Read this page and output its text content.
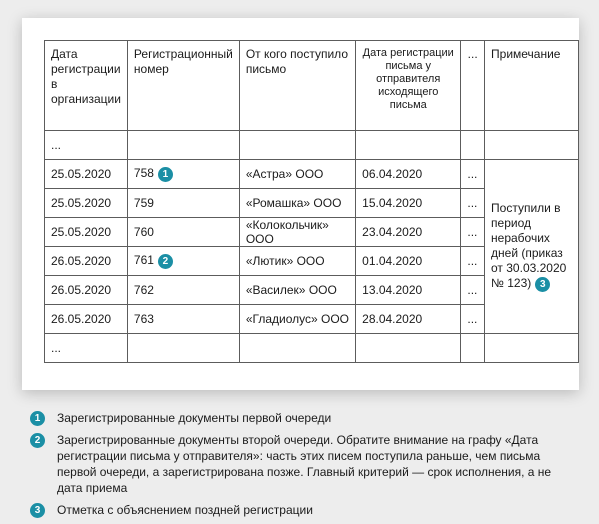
Дата регистрации в организации	Регистрационный номер	От кого поступило письмо	Дата регистрации письма у отправителя исходящего письма	...	Примечание
...					
25.05.2020	758 1	«Астра» ООО	06.04.2020	...	Поступили в период нерабочих дней (приказ от 30.03.2020 № 123) 3
25.05.2020	759	«Ромашка» ООО	15.04.2020	...	
25.05.2020	760	«Колокольчик» ООО	23.04.2020	...	
26.05.2020	761 2	«Лютик» ООО	01.04.2020	...	
26.05.2020	762	«Василек» ООО	13.04.2020	...	
26.05.2020	763	«Гладиолус» ООО	28.04.2020	...	
...					
1	Зарегистрированные документы первой очереди
2	Зарегистрированные документы второй очереди. Обратите внимание на графу «Дата регистрации письма у отправителя»: часть этих писем поступила раньше, чем письма первой очереди, а зарегистрирована позже. Главный критерий — срок исполнения, а не дата приема
3	Отметка с объяснением поздней регистрации
